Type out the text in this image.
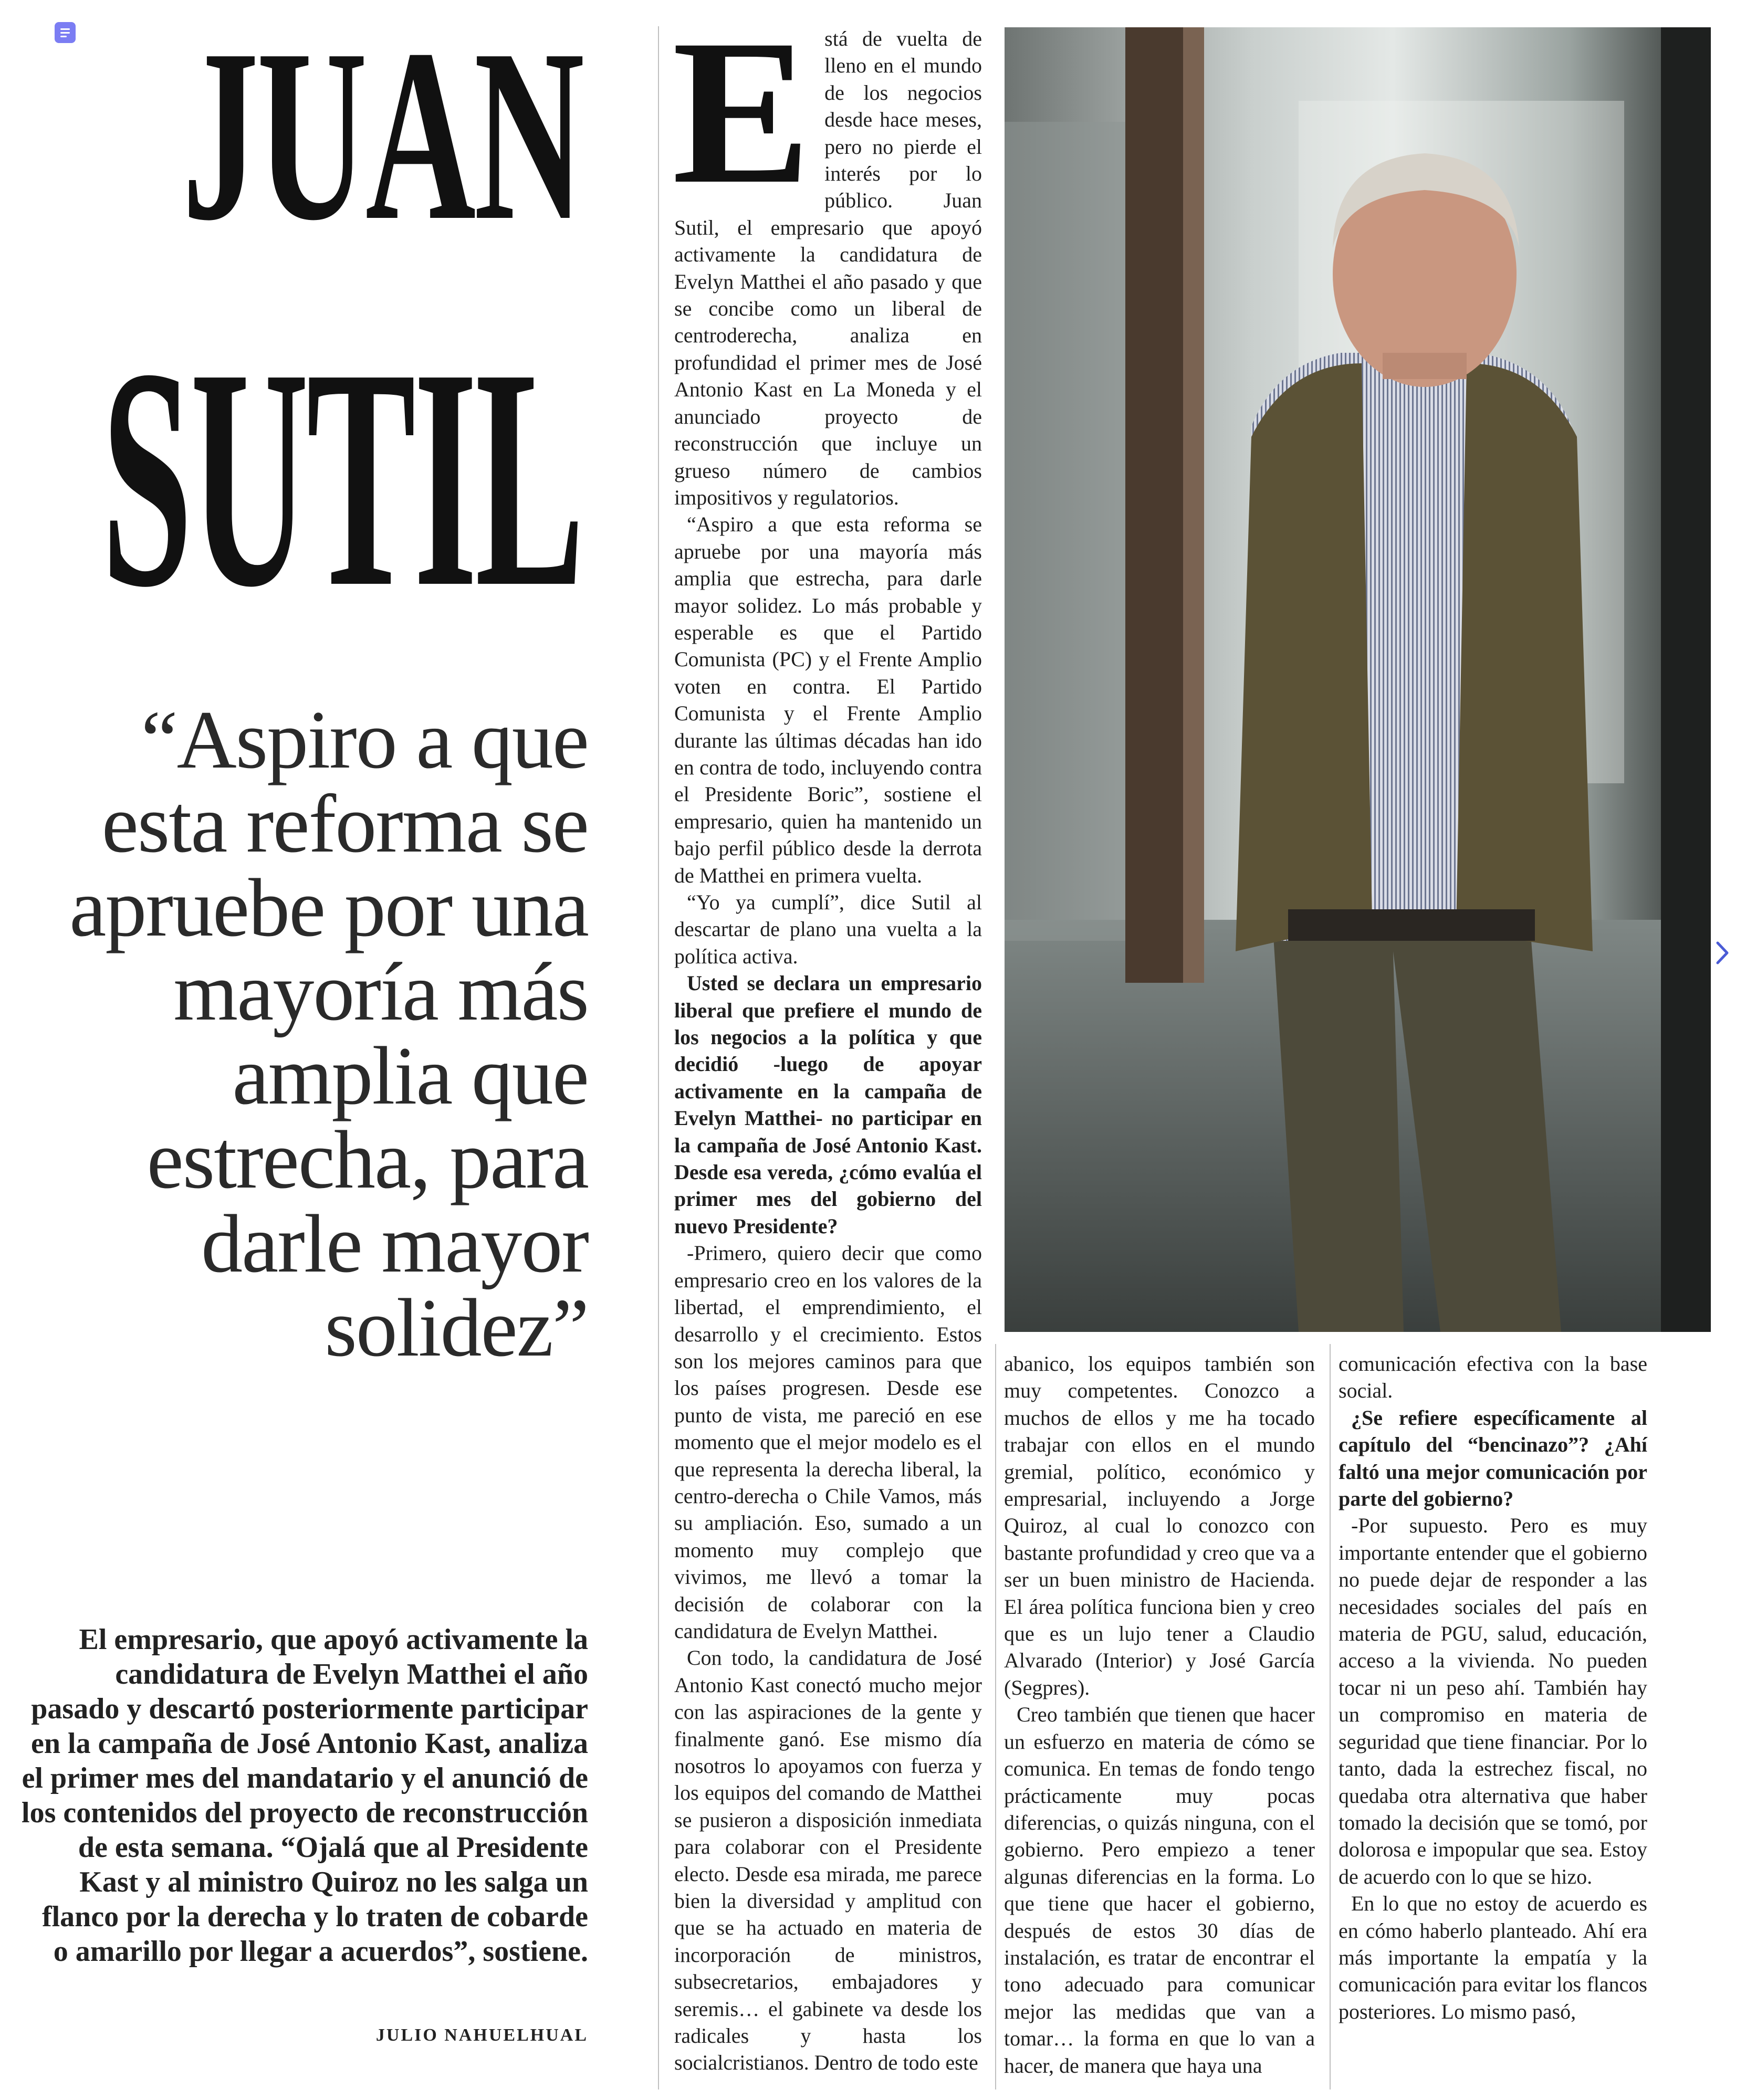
JUAN
SUTIL

“Aspiro a que esta reforma se apruebe por una mayoría más amplia que estrecha, para darle mayor solidez”

El empresario, que apoyó activamente la candidatura de Evelyn Matthei el año pasado y descartó posteriormente participar en la campaña de José Antonio Kast, analiza el primer mes del mandatario y el anunció de los contenidos del proyecto de reconstrucción de esta semana. “Ojalá que al Presidente Kast y al ministro Quiroz no les salga un flanco por la derecha y lo traten de cobarde o amarillo por llegar a acuerdos”, sostiene.

JULIO NAHUELHUAL

E stá de vuelta de lleno en el mundo de los negocios desde hace meses, pero no pierde el interés por lo público. Juan Sutil, el empresario que apoyó activamente la candidatura de Evelyn Matthei el año pasado y que se concibe como un liberal de centroderecha, analiza en profundidad el primer mes de José Antonio Kast en La Moneda y el anunciado proyecto de reconstrucción que incluye un grueso número de cambios impositivos y regulatorios.

“Aspiro a que esta reforma se apruebe por una mayoría más amplia que estrecha, para darle mayor solidez. Lo más probable y esperable es que el Partido Comunista (PC) y el Frente Amplio voten en contra. El Partido Comunista y el Frente Amplio durante las últimas décadas han ido en contra de todo, incluyendo contra el Presidente Boric”, sostiene el empresario, quien ha mantenido un bajo perfil público desde la derrota de Matthei en primera vuelta.

“Yo ya cumplí”, dice Sutil al descartar de plano una vuelta a la política activa.

Usted se declara un empresario liberal que prefiere el mundo de los negocios a la política y que decidió -luego de apoyar activamente en la campaña de Evelyn Matthei- no participar en la campaña de José Antonio Kast. Desde esa vereda, ¿cómo evalúa el primer mes del gobierno del nuevo Presidente?

-Primero, quiero decir que como empresario creo en los valores de la libertad, el emprendimiento, el desarrollo y el crecimiento. Estos son los mejores caminos para que los países progresen. Desde ese punto de vista, me pareció en ese momento que el mejor modelo es el que representa la derecha liberal, la centro-derecha o Chile Vamos, más su ampliación. Eso, sumado a un momento muy complejo que vivimos, me llevó a tomar la decisión de colaborar con la candidatura de Evelyn Matthei.

Con todo, la candidatura de José Antonio Kast conectó mucho mejor con las aspiraciones de la gente y finalmente ganó. Ese mismo día nosotros lo apoyamos con fuerza y los equipos del comando de Matthei se pusieron a disposición inmediata para colaborar con el Presidente electo. Desde esa mirada, me parece bien la diversidad y amplitud con que se ha actuado en materia de incorporación de ministros, subsecretarios, embajadores y seremis… el gabinete va desde los radicales y hasta los socialcristianos. Dentro de todo este

abanico, los equipos también son muy competentes. Conozco a muchos de ellos y me ha tocado trabajar con ellos en el mundo gremial, político, económico y empresarial, incluyendo a Jorge Quiroz, al cual lo conozco con bastante profundidad y creo que va a ser un buen ministro de Hacienda. El área política funciona bien y creo que es un lujo tener a Claudio Alvarado (Interior) y José García (Segpres).

Creo también que tienen que hacer un esfuerzo en materia de cómo se comunica. En temas de fondo tengo prácticamente muy pocas diferencias, o quizás ninguna, con el gobierno. Pero empiezo a tener algunas diferencias en la forma. Lo que tiene que hacer el gobierno, después de estos 30 días de instalación, es tratar de encontrar el tono adecuado para comunicar mejor las medidas que van a tomar… la forma en que lo van a hacer, de manera que haya una

comunicación efectiva con la base social.

¿Se refiere específicamente al capítulo del “bencinazo”? ¿Ahí faltó una mejor comunicación por parte del gobierno?

-Por supuesto. Pero es muy importante entender que el gobierno no puede dejar de responder a las necesidades sociales del país en materia de PGU, salud, educación, acceso a la vivienda. No pueden tocar ni un peso ahí. También hay un compromiso en materia de seguridad que tiene financiar. Por lo tanto, dada la estrechez fiscal, no quedaba otra alternativa que haber tomado la decisión que se tomó, por dolorosa e impopular que sea. Estoy de acuerdo con lo que se hizo.

En lo que no estoy de acuerdo es en cómo haberlo planteado. Ahí era más importante la empatía y la comunicación para evitar los flancos posteriores. Lo mismo pasó,
